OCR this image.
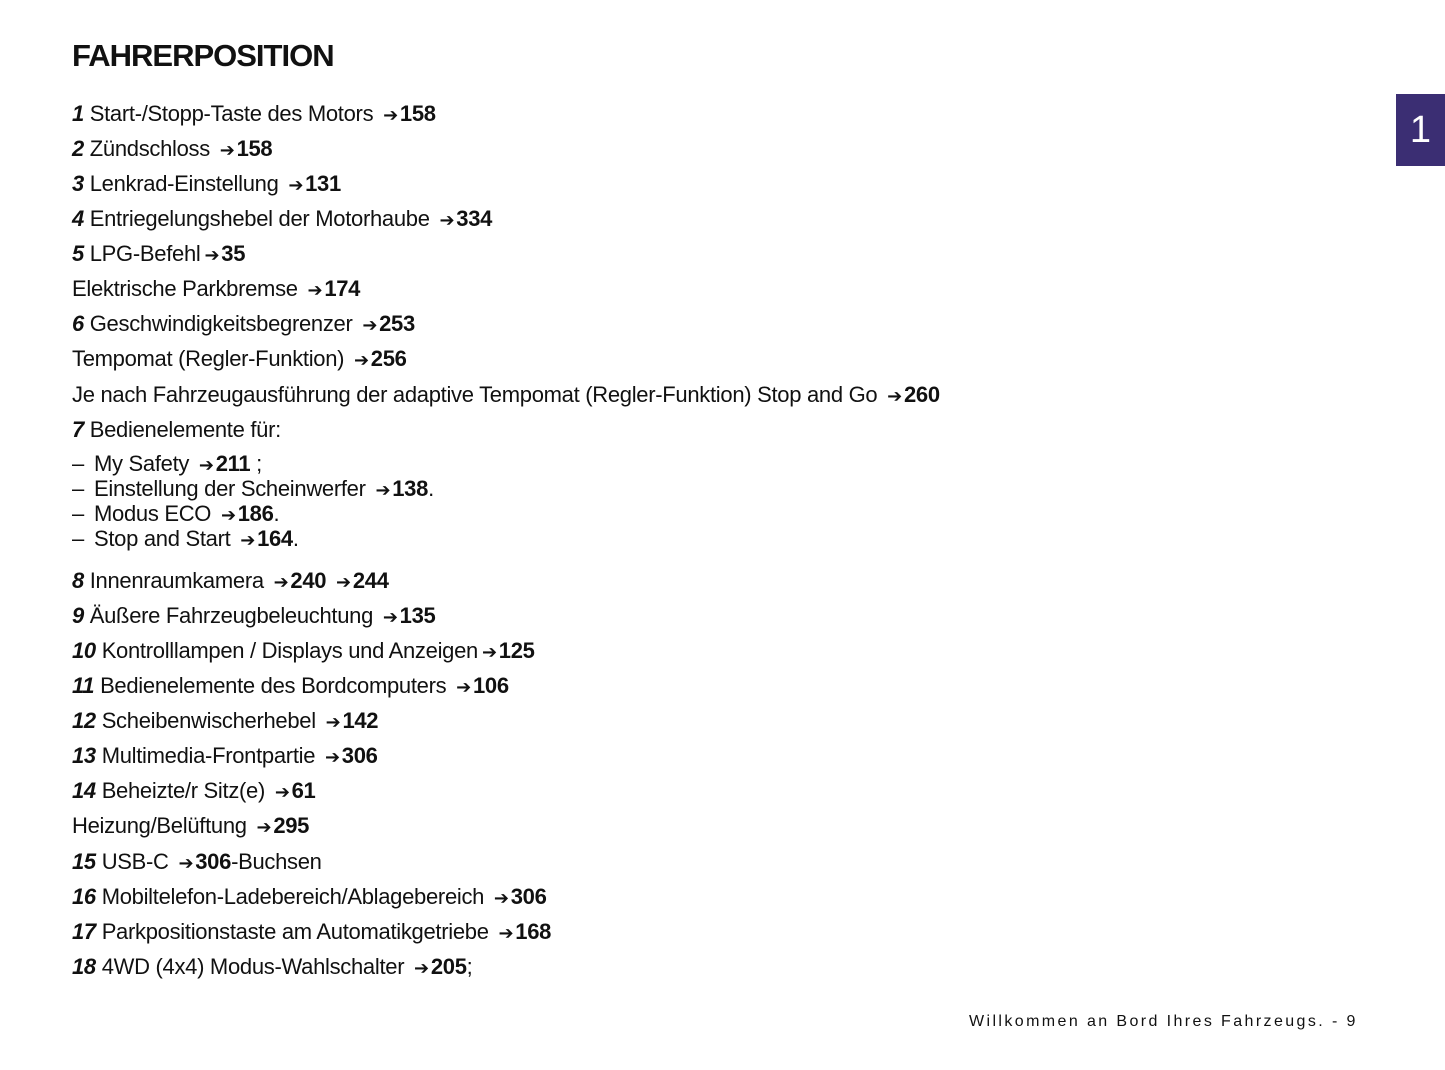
FAHRERPOSITION
1
1 Start-/Stopp-Taste des Motors ➔158
2 Zündschloss ➔158
3 Lenkrad-Einstellung ➔131
4 Entriegelungshebel der Motorhaube ➔334
5 LPG-Befehl ➔35
Elektrische Parkbremse ➔174
6 Geschwindigkeitsbegrenzer ➔253
Tempomat (Regler-Funktion) ➔256
Je nach Fahrzeugausführung der adaptive Tempomat (Regler-Funktion) Stop and Go ➔260
7 Bedienelemente für:
– My Safety ➔211 ;
– Einstellung der Scheinwerfer ➔138.
– Modus ECO ➔186.
– Stop and Start ➔164.
8 Innenraumkamera ➔240 ➔244
9 Äußere Fahrzeugbeleuchtung ➔135
10 Kontrolllampen / Displays und Anzeigen ➔125
11 Bedienelemente des Bordcomputers ➔106
12 Scheibenwischerhebel ➔142
13 Multimedia-Frontpartie ➔306
14 Beheizte/r Sitz(e) ➔61
Heizung/Belüftung ➔295
15 USB-C ➔306-Buchsen
16 Mobiltelefon-Ladebereich/Ablagebereich ➔306
17 Parkpositionstaste am Automatikgetriebe ➔168
18 4WD (4x4) Modus-Wahlschalter ➔205;
Willkommen an Bord Ihres Fahrzeugs. - 9
